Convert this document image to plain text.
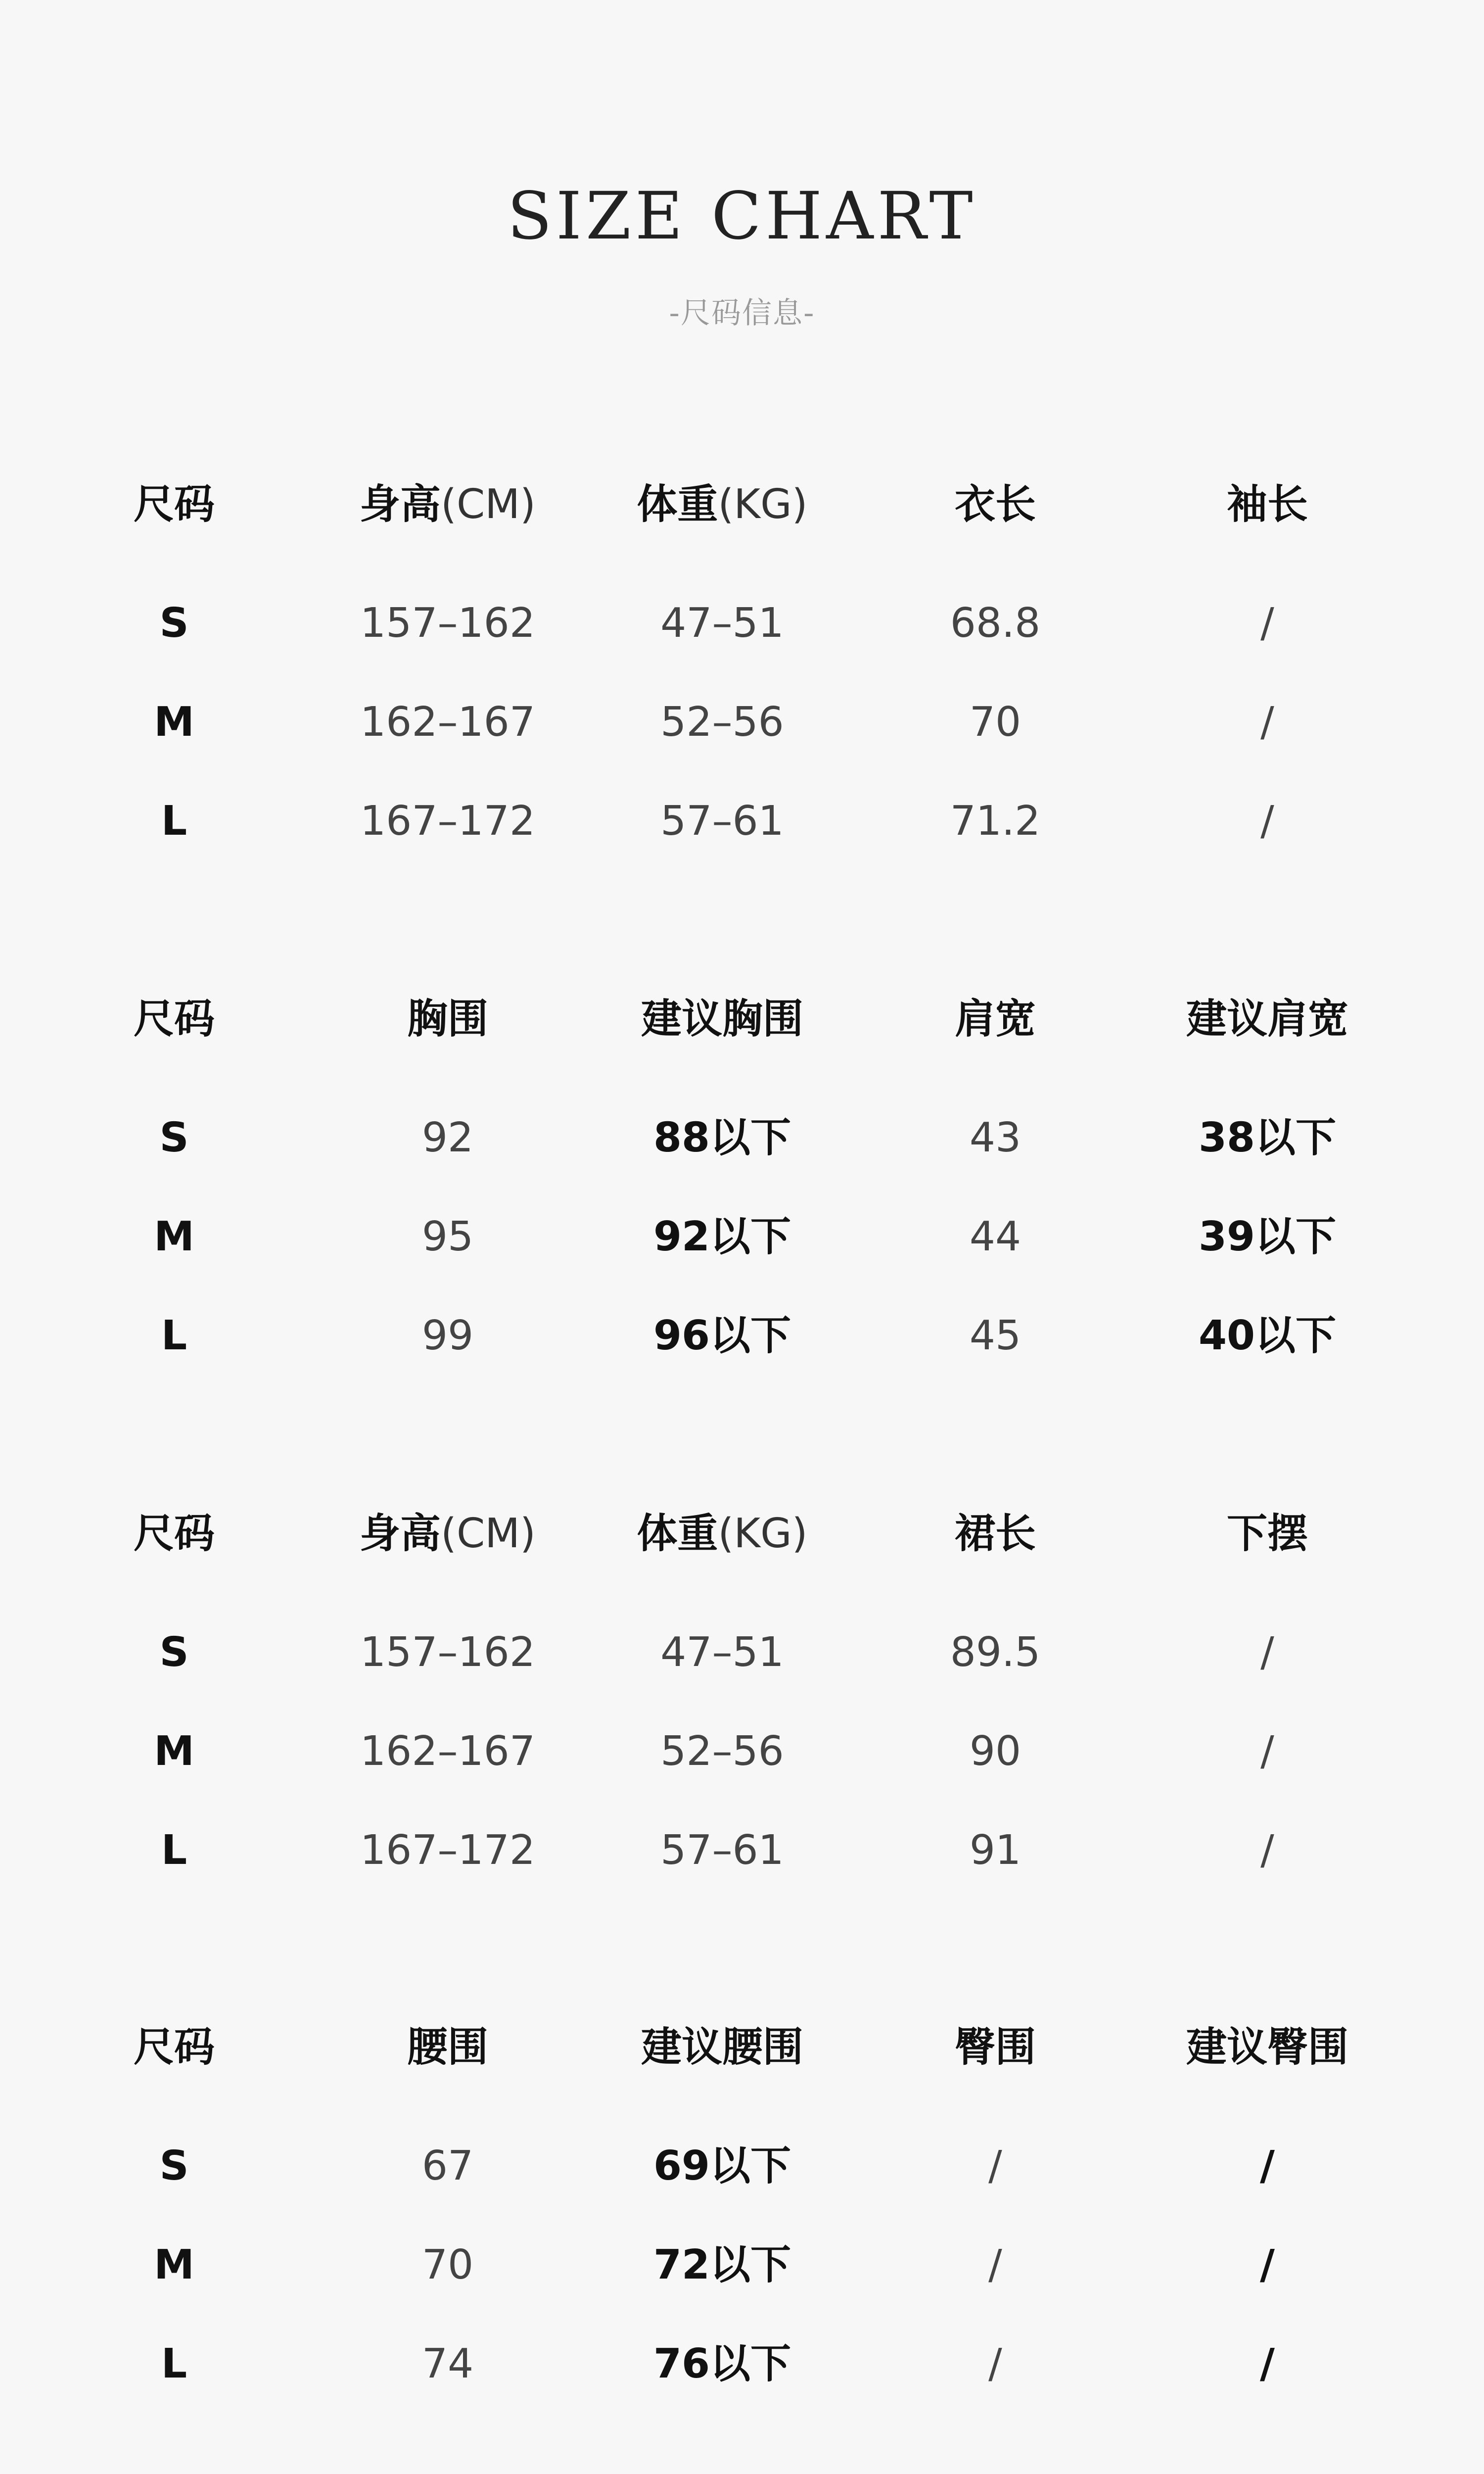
SIZE CHART
-尺码信息-
尺码	身高(CM)	体重(KG)	衣长	袖长
S	157–162	47–51	68.8	/
M	162–167	52–56	70	/
L	167–172	57–61	71.2	/
尺码	胸围	建议胸围	肩宽	建议肩宽
S	92	88以下	43	38以下
M	95	92以下	44	39以下
L	99	96以下	45	40以下
尺码	身高(CM)	体重(KG)	裙长	下摆
S	157–162	47–51	89.5	/
M	162–167	52–56	90	/
L	167–172	57–61	91	/
尺码	腰围	建议腰围	臀围	建议臀围
S	67	69以下	/	/
M	70	72以下	/	/
L	74	76以下	/	/
